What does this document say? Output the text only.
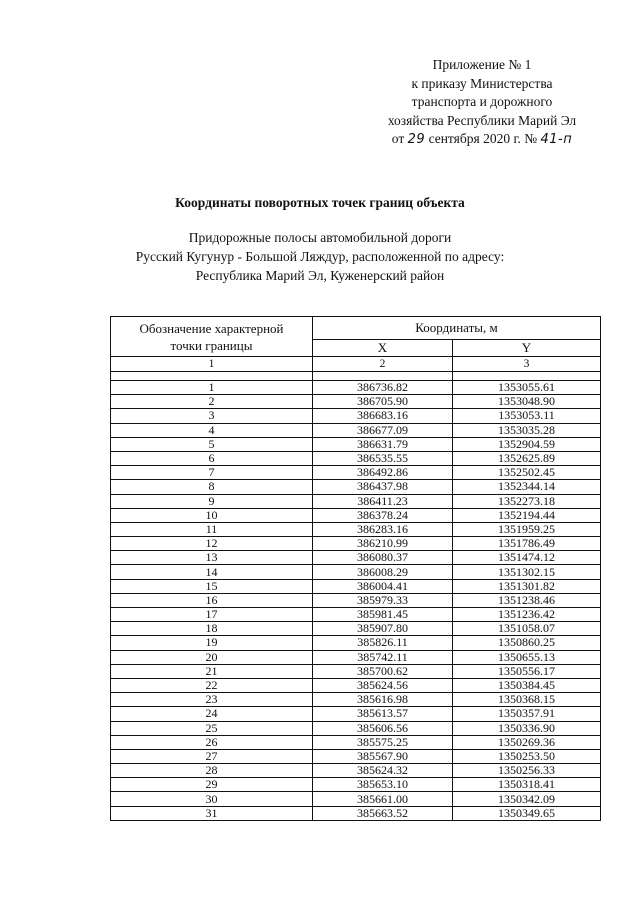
Приложение № 1
к приказу Министерства
транспорта и дорожного
хозяйства Республики Марий Эл
от 29 сентября 2020 г. № 41-п
Координаты поворотных точек границ объекта
Придорожные полосы автомобильной дороги
Русский Кугунур - Большой Ляждур, расположенной по адресу:
Республика Марий Эл, Куженерский район
Обозначение характерной
точки границы	Координаты, м	
	X	Y
1	2	3

1	386736.82	1353055.61
2	386705.90	1353048.90
3	386683.16	1353053.11
4	386677.09	1353035.28
5	386631.79	1352904.59
6	386535.55	1352625.89
7	386492.86	1352502.45
8	386437.98	1352344.14
9	386411.23	1352273.18
10	386378.24	1352194.44
11	386283.16	1351959.25
12	386210.99	1351786.49
13	386080.37	1351474.12
14	386008.29	1351302.15
15	386004.41	1351301.82
16	385979.33	1351238.46
17	385981.45	1351236.42
18	385907.80	1351058.07
19	385826.11	1350860.25
20	385742.11	1350655.13
21	385700.62	1350556.17
22	385624.56	1350384.45
23	385616.98	1350368.15
24	385613.57	1350357.91
25	385606.56	1350336.90
26	385575.25	1350269.36
27	385567.90	1350253.50
28	385624.32	1350256.33
29	385653.10	1350318.41
30	385661.00	1350342.09
31	385663.52	1350349.65
